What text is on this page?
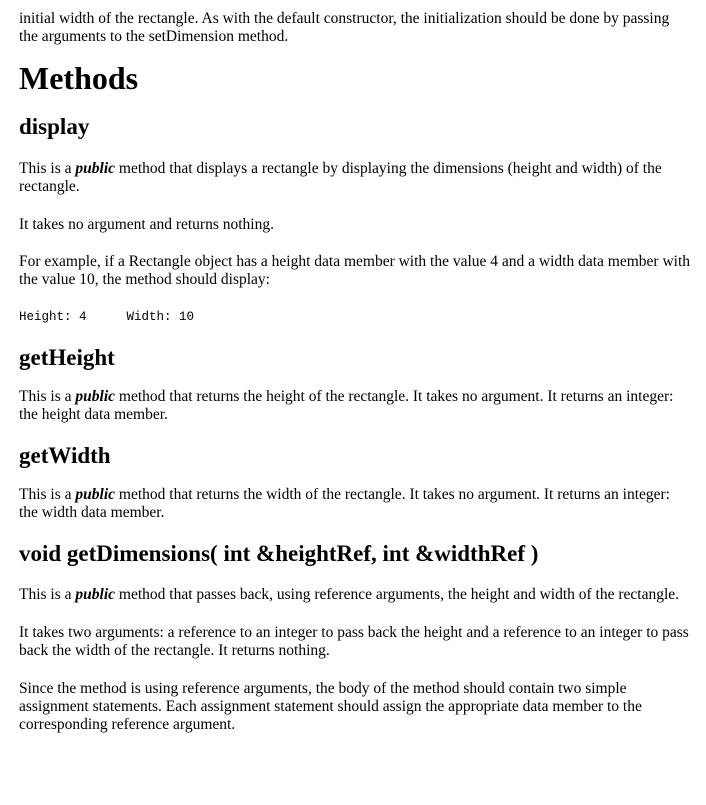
initial width of the rectangle. As with the default constructor, the initialization should be done by passing the arguments to the setDimension method.

Methods
display

This is a public method that displays a rectangle by displaying the dimensions (height and width) of the rectangle.

It takes no argument and returns nothing.

For example, if a Rectangle object has a height data member with the value 4 and a width data member with the value 10, the method should display:

Height: 4	Width: 10
getHeight

This is a public method that returns the height of the rectangle. It takes no argument. It returns an integer: the height data member.

getWidth

This is a public method that returns the width of the rectangle. It takes no argument. It returns an integer: the width data member.

void getDimensions( int &heightRef, int &widthRef )

This is a public method that passes back, using reference arguments, the height and width of the rectangle.

It takes two arguments: a reference to an integer to pass back the height and a reference to an integer to pass back the width of the rectangle. It returns nothing.

Since the method is using reference arguments, the body of the method should contain two simple assignment statements. Each assignment statement should assign the appropriate data member to the corresponding reference argument.
